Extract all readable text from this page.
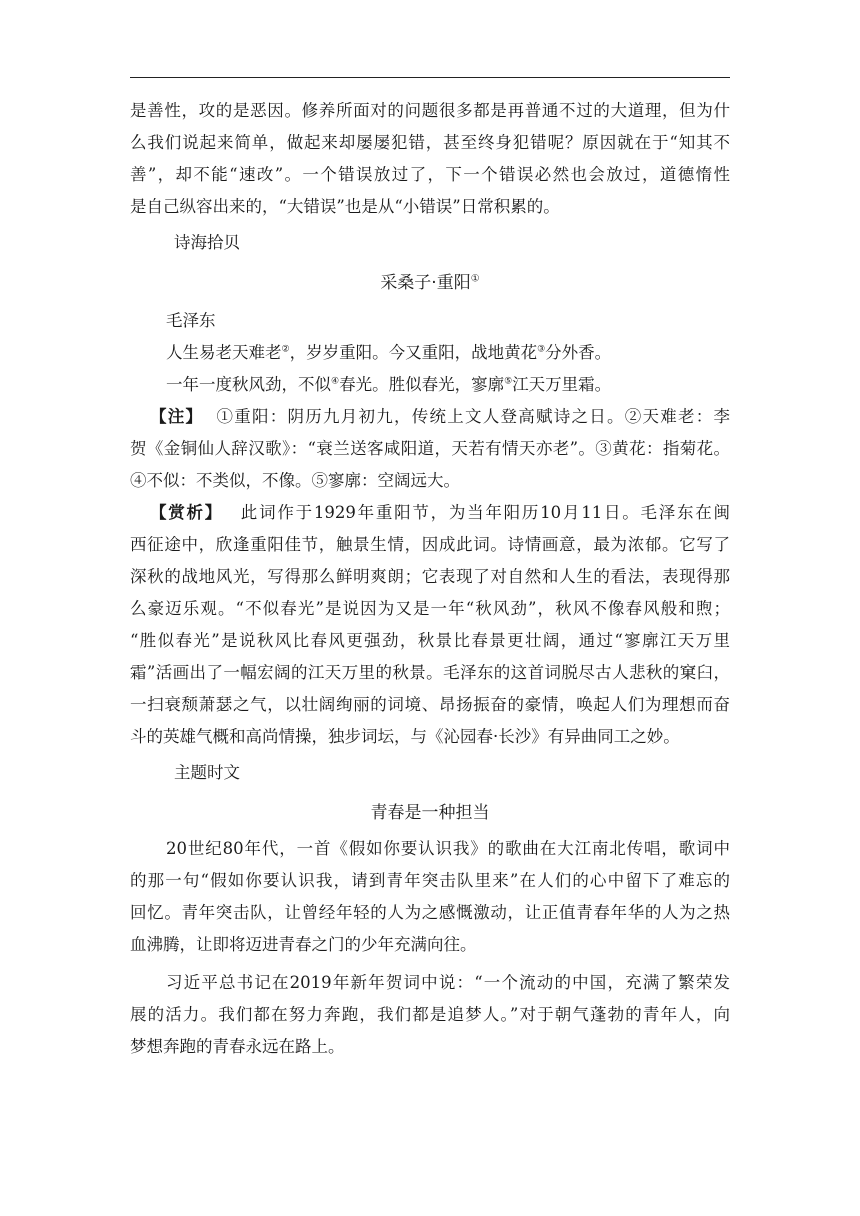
是善性，攻的是恶因。修养所面对的问题很多都是再普通不过的大道理，但为什
么我们说起来简单，做起来却屡屡犯错，甚至终身犯错呢？原因就在于“知其不
善”，却不能“速改”。一个错误放过了，下一个错误必然也会放过，道德惰性
是自己纵容出来的，“大错误”也是从“小错误”日常积累的。
诗海拾贝
采桑子·重阳①
毛泽东
人生易老天难老②，岁岁重阳。今又重阳，战地黄花③分外香。
一年一度秋风劲，不似④春光。胜似春光，寥廓⑤江天万里霜。
【注】 ①重阳：阴历九月初九，传统上文人登高赋诗之日。②天难老：李
贺《金铜仙人辞汉歌》：“衰兰送客咸阳道，天若有情天亦老”。③黄花：指菊花。
④不似：不类似，不像。⑤寥廓：空阔远大。
【赏析】 此词作于1929年重阳节，为当年阳历10月11日。毛泽东在闽
西征途中，欣逢重阳佳节，触景生情，因成此词。诗情画意，最为浓郁。它写了
深秋的战地风光，写得那么鲜明爽朗；它表现了对自然和人生的看法，表现得那
么豪迈乐观。“不似春光”是说因为又是一年“秋风劲”，秋风不像春风般和煦；
“胜似春光”是说秋风比春风更强劲，秋景比春景更壮阔，通过“寥廓江天万里
霜”活画出了一幅宏阔的江天万里的秋景。毛泽东的这首词脱尽古人悲秋的窠臼，
一扫衰颓萧瑟之气，以壮阔绚丽的词境、昂扬振奋的豪情，唤起人们为理想而奋
斗的英雄气概和高尚情操，独步词坛，与《沁园春·长沙》有异曲同工之妙。
主题时文
青春是一种担当
20世纪80年代，一首《假如你要认识我》的歌曲在大江南北传唱，歌词中
的那一句“假如你要认识我，请到青年突击队里来”在人们的心中留下了难忘的
回忆。青年突击队，让曾经年轻的人为之感慨激动，让正值青春年华的人为之热
血沸腾，让即将迈进青春之门的少年充满向往。
习近平总书记在2019年新年贺词中说：“一个流动的中国，充满了繁荣发
展的活力。我们都在努力奔跑，我们都是追梦人。”对于朝气蓬勃的青年人，向
梦想奔跑的青春永远在路上。
